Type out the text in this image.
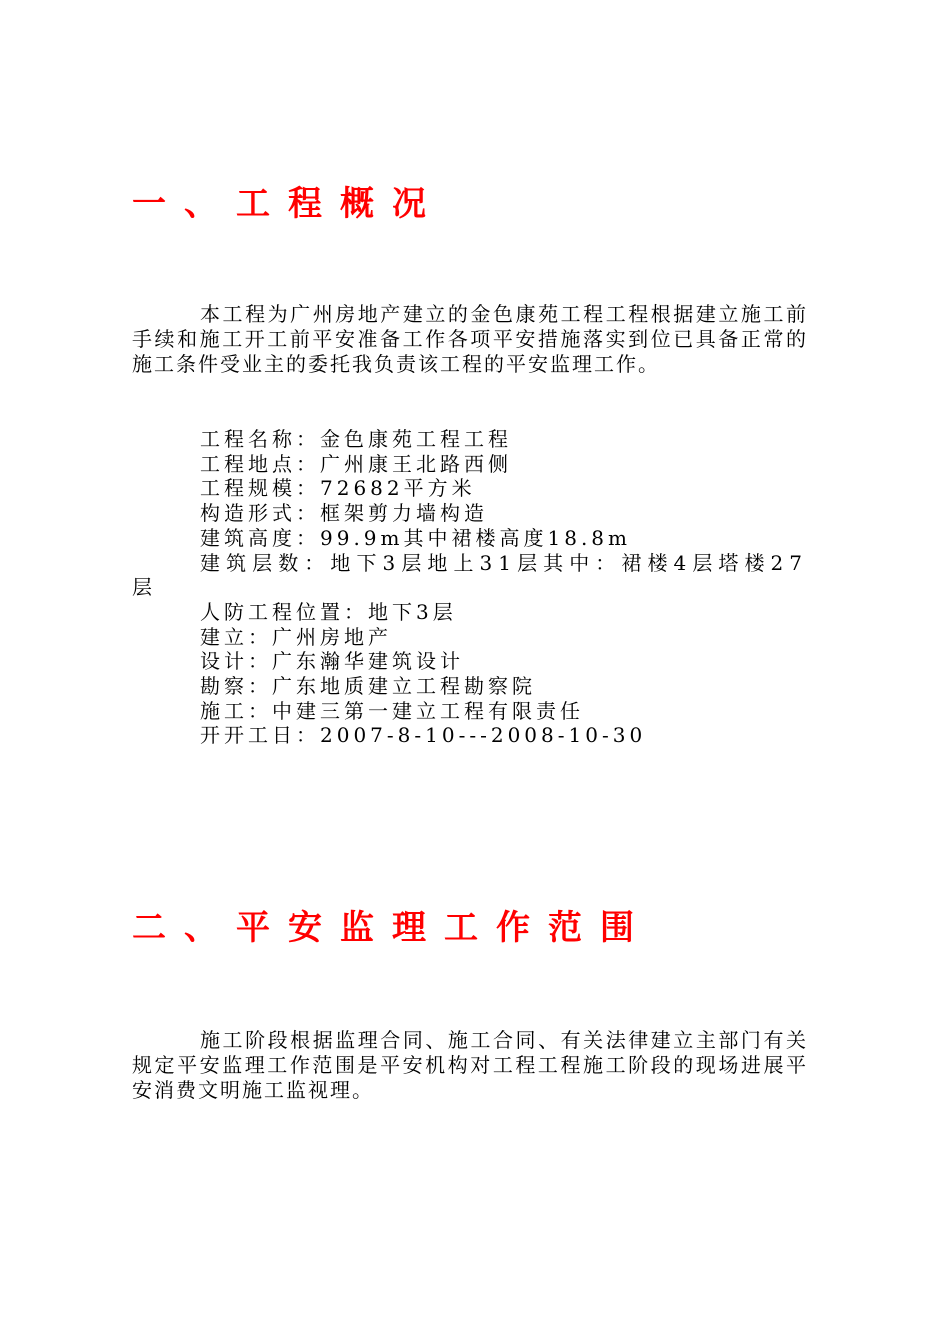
一、工程概况

本工程为广州房地产建立的金色康苑工程工程根据建立施工前手续和施工开工前平安准备工作各项平安措施落实到位已具备正常的施工条件受业主的委托我负责该工程的平安监理工作。

工程名称：金色康苑工程工程
工程地点：广州康王北路西侧
工程规模：72682平方米
构造形式：框架剪力墙构造
建筑高度：99.9m其中裙楼高度18.8m
建筑层数：地下3层地上31层其中：裙楼4层塔楼27层
人防工程位置：地下3层
建立：广州房地产
设计：广东瀚华建筑设计
勘察：广东地质建立工程勘察院
施工：中建三第一建立工程有限责任
开开工日：2007-8-10---2008-10-30
二、平安监理工作范围

施工阶段根据监理合同、施工合同、有关法律建立主部门有关规定平安监理工作范围是平安机构对工程工程施工阶段的现场进展平安消费文明施工监视理。
